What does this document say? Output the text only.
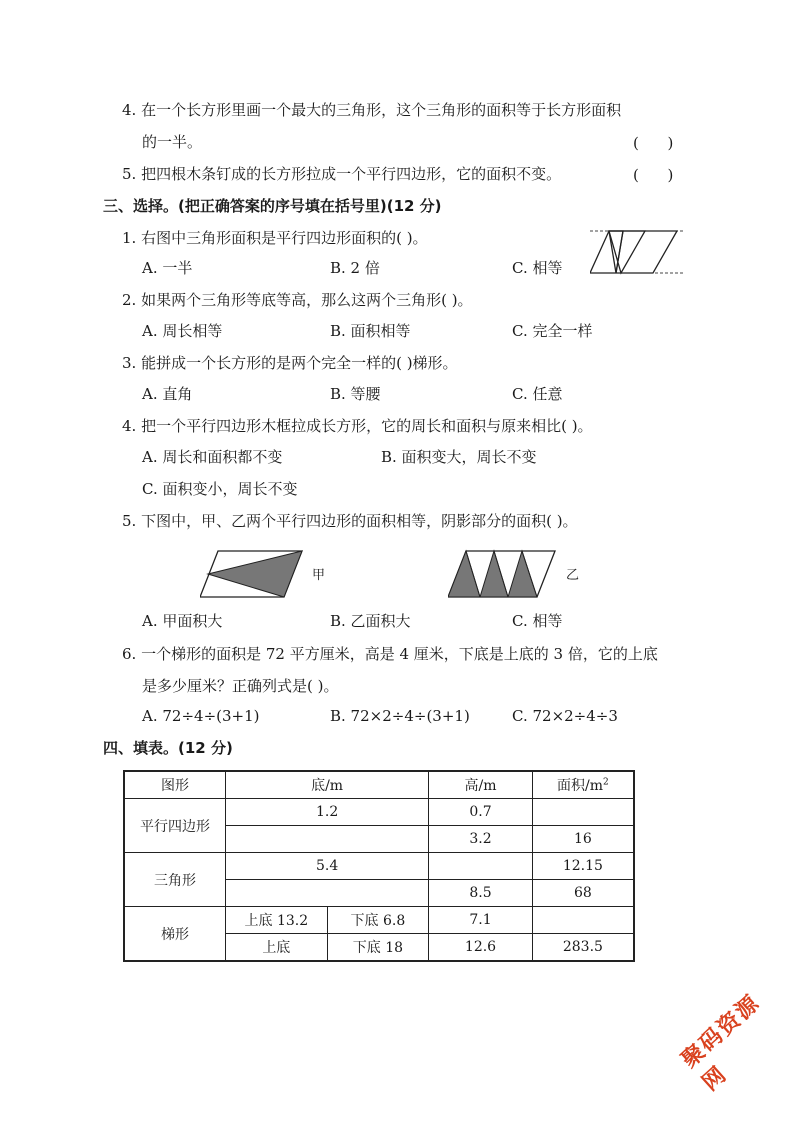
4. 在一个长方形里画一个最大的三角形，这个三角形的面积等于长方形面积
的一半。	(      )
5. 把四根木条钉成的长方形拉成一个平行四边形，它的面积不变。	(      )
三、选择。(把正确答案的序号填在括号里)(12 分)
1. 右图中三角形面积是平行四边形面积的( )。
A. 一半	B. 2 倍	C. 相等
2. 如果两个三角形等底等高，那么这两个三角形( )。
A. 周长相等	B. 面积相等	C. 完全一样
3. 能拼成一个长方形的是两个完全一样的( )梯形。
A. 直角	B. 等腰	C. 任意
4. 把一个平行四边形木框拉成长方形，它的周长和面积与原来相比( )。
A. 周长和面积都不变	B. 面积变大，周长不变
C. 面积变小，周长不变
5. 下图中，甲、乙两个平行四边形的面积相等，阴影部分的面积( )。
甲	乙
A. 甲面积大	B. 乙面积大	C. 相等
6. 一个梯形的面积是 72 平方厘米，高是 4 厘米，下底是上底的 3 倍，它的上底
是多少厘米？正确列式是( )。
A. 72÷4÷(3+1)	B. 72×2÷4÷(3+1)	C. 72×2÷4÷3
四、填表。(12 分)
图形	底/m		高/m	面积$/m^2$
平行四边形	1.2		0.7	
			3.2	16
三角形	5.4			12.15
			8.5	68
梯形	上底 13.2	下底 6.8	7.1	
	上底	下底 18	12.6	283.5
聚码资源网
